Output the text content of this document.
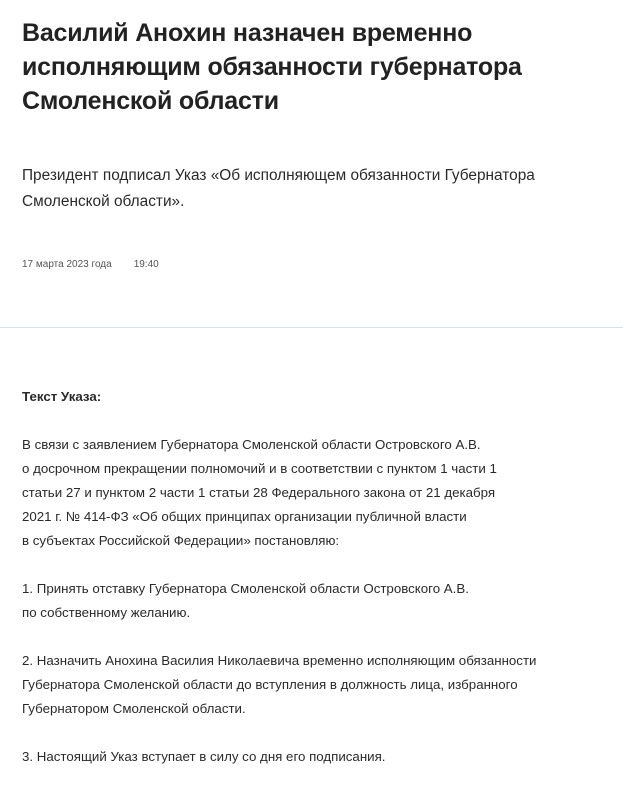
Василий Анохин назначен временно исполняющим обязанности губернатора Смоленской области

Президент подписал Указ «Об исполняющем обязанности Губернатора Смоленской области».

17 марта 2023 года 19:40
Текст Указа:
В связи с заявлением Губернатора Смоленской области Островского А.В.
о досрочном прекращении полномочий и в соответствии с пунктом 1 части 1
статьи 27 и пунктом 2 части 1 статьи 28 Федерального закона от 21 декабря
2021 г. № 414-ФЗ «Об общих принципах организации публичной власти
в субъектах Российской Федерации» постановляю:
1. Принять отставку Губернатора Смоленской области Островского А.В.
по собственному желанию.
2. Назначить Анохина Василия Николаевича временно исполняющим обязанности
Губернатора Смоленской области до вступления в должность лица, избранного
Губернатором Смоленской области.
3. Настоящий Указ вступает в силу со дня его подписания.
